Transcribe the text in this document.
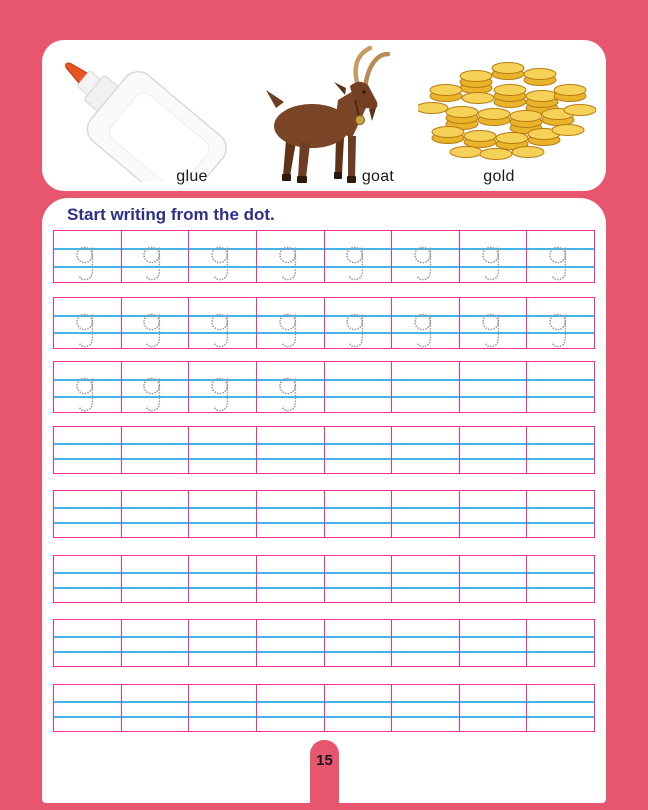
glue	goat	gold
Start writing from the dot.
15
